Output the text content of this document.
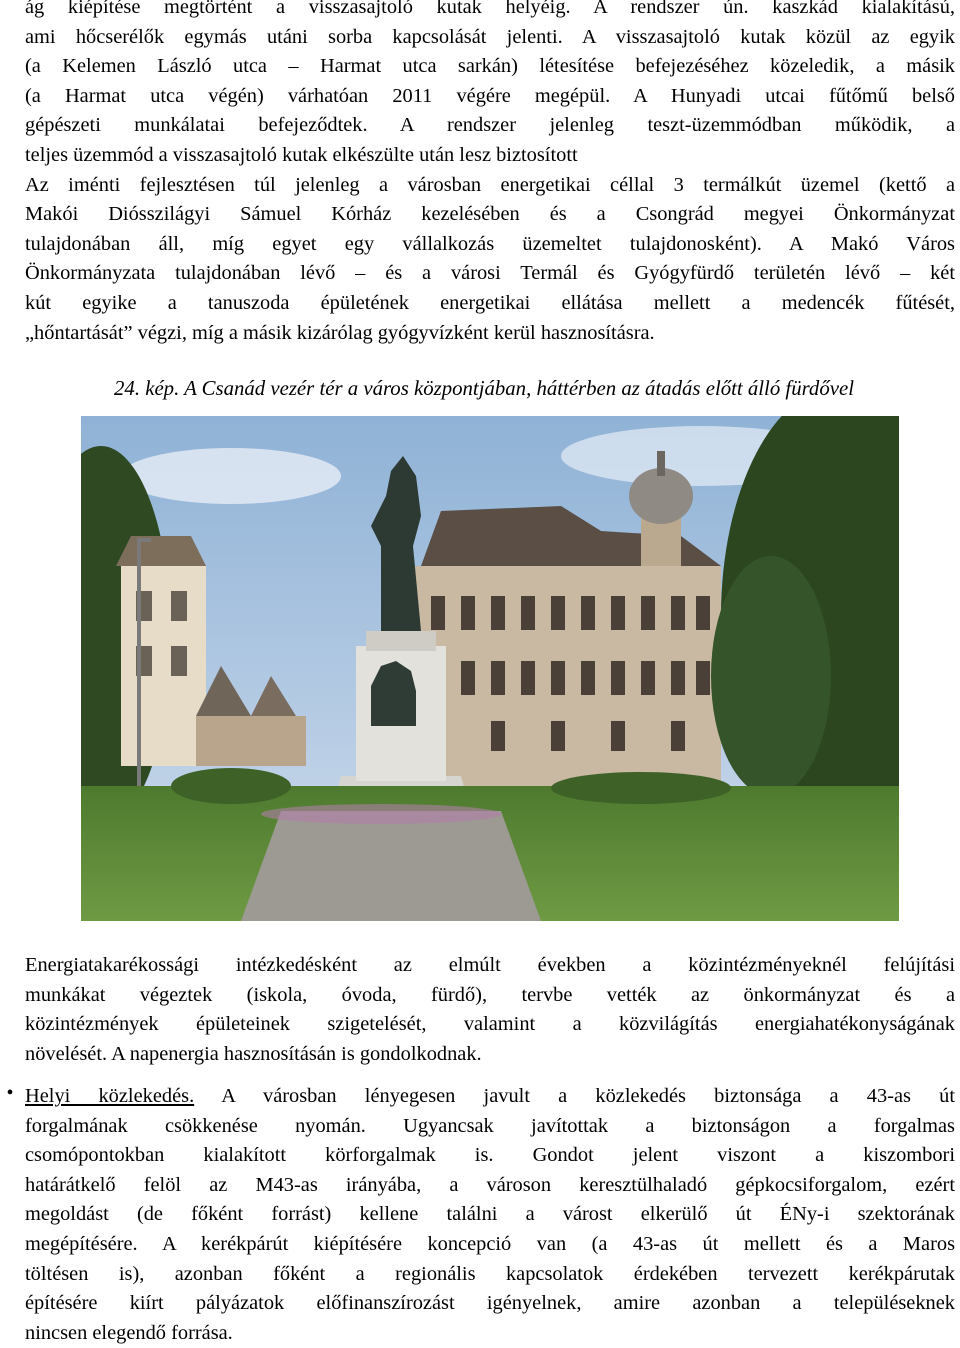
ág kiépítése megtörtént a visszasajtoló kutak helyéig. A rendszer ún. kaszkád kialakítású,
ami hőcserélők egymás utáni sorba kapcsolását jelenti. A visszasajtoló kutak közül az egyik
(a Kelemen László utca – Harmat utca sarkán) létesítése befejezéséhez közeledik, a másik
(a Harmat utca végén) várhatóan 2011 végére megépül. A Hunyadi utcai fűtőmű belső
gépészeti munkálatai befejeződtek. A rendszer jelenleg teszt-üzemmódban működik, a
teljes üzemmód a visszasajtoló kutak elkészülte után lesz biztosított
Az iménti fejlesztésen túl jelenleg a városban energetikai céllal 3 termálkút üzemel (kettő a
Makói Diósszilágyi Sámuel Kórház kezelésében és a Csongrád megyei Önkormányzat
tulajdonában áll, míg egyet egy vállalkozás üzemeltet tulajdonosként). A Makó Város
Önkormányzata tulajdonában lévő – és a városi Termál és Gyógyfürdő területén lévő – két
kút egyike a tanuszoda épületének energetikai ellátása mellett a medencék fűtését,
„hőntartását” végzi, míg a másik kizárólag gyógyvízként kerül hasznosításra.
24. kép. A Csanád vezér tér a város központjában, háttérben az átadás előtt álló fürdővel
Energiatakarékossági intézkedésként az elmúlt években a közintézményeknél felújítási
munkákat végeztek (iskola, óvoda, fürdő), tervbe vették az önkormányzat és a
közintézmények épületeinek szigetelését, valamint a közvilágítás energiahatékonyságának
növelését. A napenergia hasznosításán is gondolkodnak.
• Helyi közlekedés. A városban lényegesen javult a közlekedés biztonsága a 43-as út
forgalmának csökkenése nyomán. Ugyancsak javítottak a biztonságon a forgalmas
csomópontokban kialakított körforgalmak is. Gondot jelent viszont a kiszombori
határátkelő felöl az M43-as irányába, a városon keresztülhaladó gépkocsiforgalom, ezért
megoldást (de főként forrást) kellene találni a várost elkerülő út ÉNy-i szektorának
megépítésére. A kerékpárút kiépítésére koncepció van (a 43-as út mellett és a Maros
töltésen is), azonban főként a regionális kapcsolatok érdekében tervezett kerékpárutak
építésére kiírt pályázatok előfinanszírozást igényelnek, amire azonban a településeknek
nincsen elegendő forrása.
